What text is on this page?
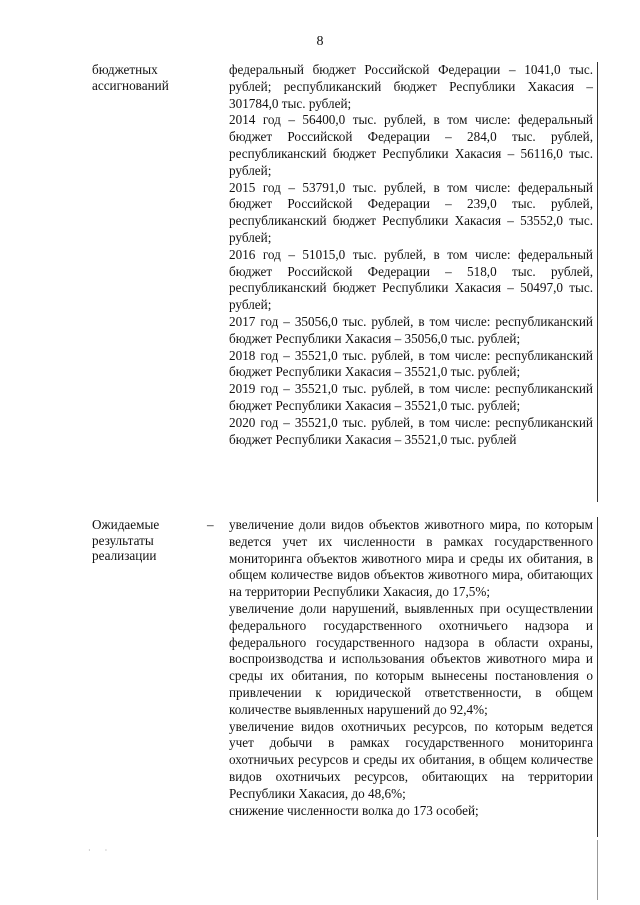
8
бюджетных ассигнований

федеральный бюджет Российской Федерации – 1041,0 тыс. рублей; республиканский бюджет Республики Хакасия – 301784,0 тыс. рублей;

2014 год – 56400,0 тыс. рублей, в том числе: федеральный бюджет Российской Федерации – 284,0 тыс. рублей, республиканский бюджет Республики Хакасия – 56116,0 тыс. рублей;

2015 год – 53791,0 тыс. рублей, в том числе: федеральный бюджет Российской Федерации – 239,0 тыс. рублей, республиканский бюджет Республики Хакасия – 53552,0 тыс. рублей;

2016 год – 51015,0 тыс. рублей, в том числе: федеральный бюджет Российской Федерации – 518,0 тыс. рублей, республиканский бюджет Республики Хакасия – 50497,0 тыс. рублей;

2017 год – 35056,0 тыс. рублей, в том числе: республиканский бюджет Республики Хакасия – 35056,0 тыс. рублей;

2018 год – 35521,0 тыс. рублей, в том числе: республиканский бюджет Республики Хакасия – 35521,0 тыс. рублей;

2019 год – 35521,0 тыс. рублей, в том числе: республиканский бюджет Республики Хакасия – 35521,0 тыс. рублей;

2020 год – 35521,0 тыс. рублей, в том числе: республиканский бюджет Республики Хакасия – 35521,0 тыс. рублей

Ожидаемые результаты реализации
– увеличение доли видов объектов животного мира, по которым ведется учет их численности в рамках государственного мониторинга объектов животного мира и среды их обитания, в общем количестве видов объектов животного мира, обитающих на территории Республики Хакасия, до 17,5%;

увеличение доли нарушений, выявленных при осуществлении федерального государственного охотничьего надзора и федерального государственного надзора в области охраны, воспроизводства и использования объектов животного мира и среды их обитания, по которым вынесены постановления о привлечении к юридической ответственности, в общем количестве выявленных нарушений до 92,4%;

увеличение видов охотничьих ресурсов, по которым ведется учет добычи в рамках государственного мониторинга охотничьих ресурсов и среды их обитания, в общем количестве видов охотничьих ресурсов, обитающих на территории Республики Хакасия, до 48,6%;

снижение численности волка до 173 особей;

· ·
